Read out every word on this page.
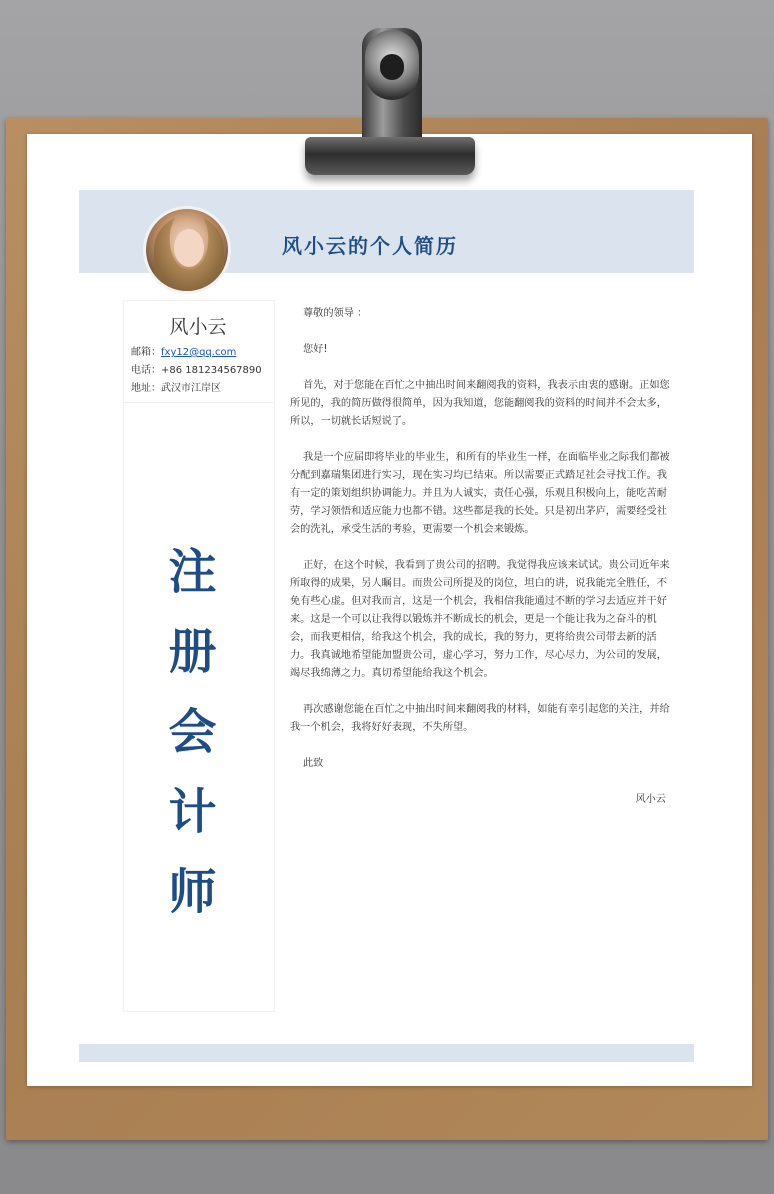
风小云的个人简历
风小云
邮箱：fxy12@qq.com
电话：+86 181234567890
地址：武汉市江岸区
注
册
会
计
师

尊敬的领导 ：

您好!

首先，对于您能在百忙之中抽出时间来翻阅我的资料，我表示由衷的感谢。正如您所见的，我的简历做得很简单，因为我知道，您能翻阅我的资料的时间并不会太多，所以，一切就长话短说了。

我是一个应届即将毕业的毕业生，和所有的毕业生一样，在面临毕业之际我们都被分配到嘉瑞集团进行实习，现在实习均已结束。所以需要正式踏足社会寻找工作。我有一定的策划组织协调能力。并且为人诚实，责任心强，乐观且积极向上，能吃苦耐劳，学习领悟和适应能力也都不错。这些都是我的长处。只是初出茅庐，需要经受社会的洗礼，承受生活的考验，更需要一个机会来锻炼。

正好，在这个时候，我看到了贵公司的招聘。我觉得我应该来试试。贵公司近年来所取得的成果，另人瞩目。而贵公司所提及的岗位，坦白的讲，说我能完全胜任，不免有些心虚。但对我而言，这是一个机会，我相信我能通过不断的学习去适应并干好来。这是一个可以让我得以锻炼并不断成长的机会，更是一个能让我为之奋斗的机会，而我更相信，给我这个机会，我的成长，我的努力，更将给贵公司带去新的活力。我真诚地希望能加盟贵公司，虚心学习，努力工作，尽心尽力，为公司的发展，竭尽我绵薄之力。真切希望能给我这个机会。

再次感谢您能在百忙之中抽出时间来翻阅我的材料，如能有幸引起您的关注，并给我一个机会，我将好好表现，不失所望。

此致

风小云
